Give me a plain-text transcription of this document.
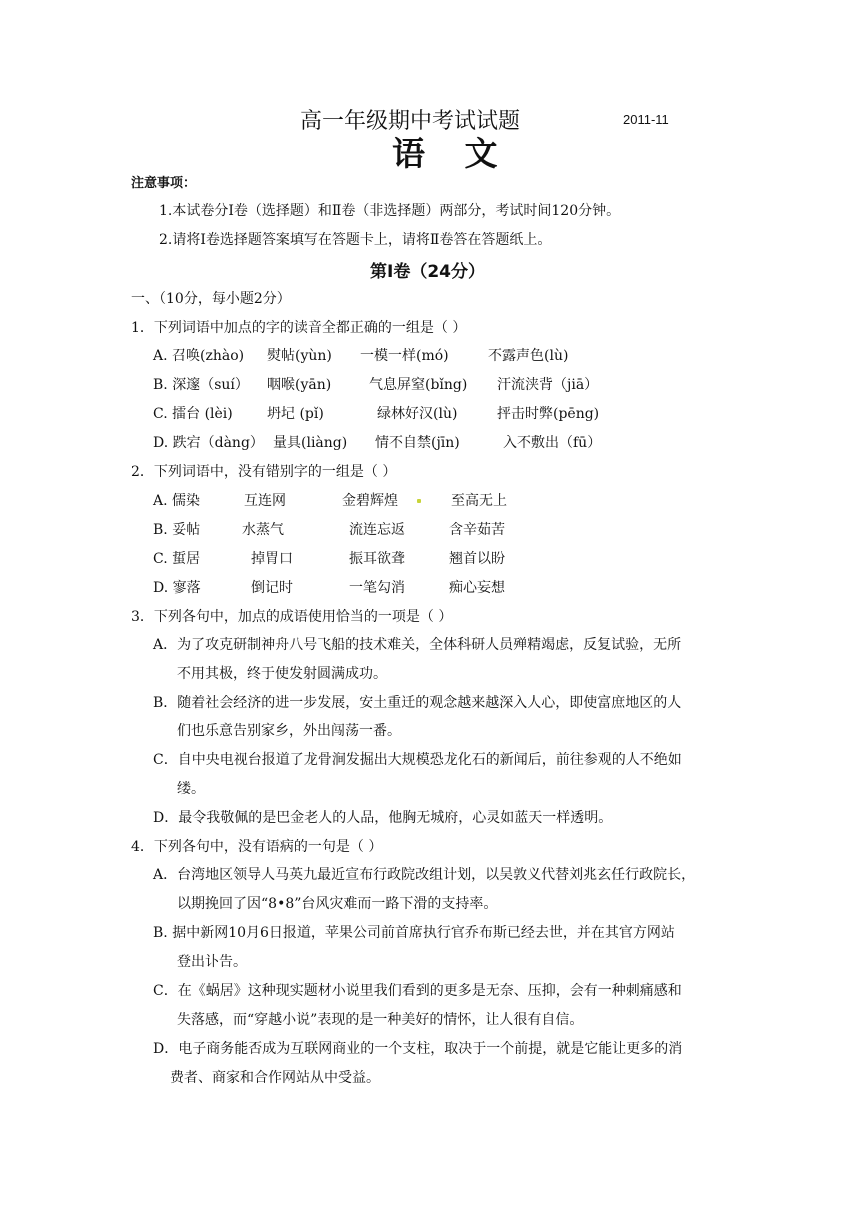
高一年级期中考试试题	2011-11
语 文
注意事项：
1.本试卷分Ⅰ卷（选择题）和Ⅱ卷（非选择题）两部分，考试时间120分钟。
2.请将Ⅰ卷选择题答案填写在答题卡上，请将Ⅱ卷答在答题纸上。
第Ⅰ卷（24分）
一、（10分，每小题2分）
1．下列词语中加点的字的读音全都正确的一组是（ ）
A. 召唤(zhào) 熨帖(yùn) 一模一样(mó)	不露声色(lù)
B. 深邃（suí） 咽喉(yān)	气息屏窒(bǐng) 汗流浃背（jiā）
C. 擂台 (lèi) 坍圮 (pǐ)	绿林好汉(lù)	抨击时弊(pēng)
D. 跌宕（dàng） 量具(liàng) 情不自禁(jīn)	入不敷出（fū）
2．下列词语中，没有错别字的一组是（ ）
A. 儒染	互连网	金碧辉煌	至高无上
B. 妥帖	水蒸气	流连忘返	含辛茹苦
C. 蜇居	掉胃口	振耳欲聋	翘首以盼
D. 寥落	倒记时	一笔勾消	痴心妄想
3．下列各句中，加点的成语使用恰当的一项是（ ）
A．为了攻克研制神舟八号飞船的技术难关，全体科研人员殚精竭虑，反复试验，无所
不用其极，终于使发射圆满成功。
B．随着社会经济的进一步发展，安土重迁的观念越来越深入人心，即使富庶地区的人
们也乐意告别家乡，外出闯荡一番。
C．自中央电视台报道了龙骨涧发掘出大规模恐龙化石的新闻后，前往参观的人不绝如
缕。
D．最令我敬佩的是巴金老人的人品，他胸无城府，心灵如蓝天一样透明。
4．下列各句中，没有语病的一句是（ ）
A．台湾地区领导人马英九最近宣布行政院改组计划，以吴敦义代替刘兆玄任行政院长，
以期挽回了因“8•8”台风灾难而一路下滑的支持率。
B. 据中新网10月6日报道，苹果公司前首席执行官乔布斯已经去世，并在其官方网站
登出讣告。
C．在《蜗居》这种现实题材小说里我们看到的更多是无奈、压抑，会有一种刺痛感和
失落感，而“穿越小说”表现的是一种美好的情怀，让人很有自信。
D．电子商务能否成为互联网商业的一个支柱，取决于一个前提，就是它能让更多的消
费者、商家和合作网站从中受益。
